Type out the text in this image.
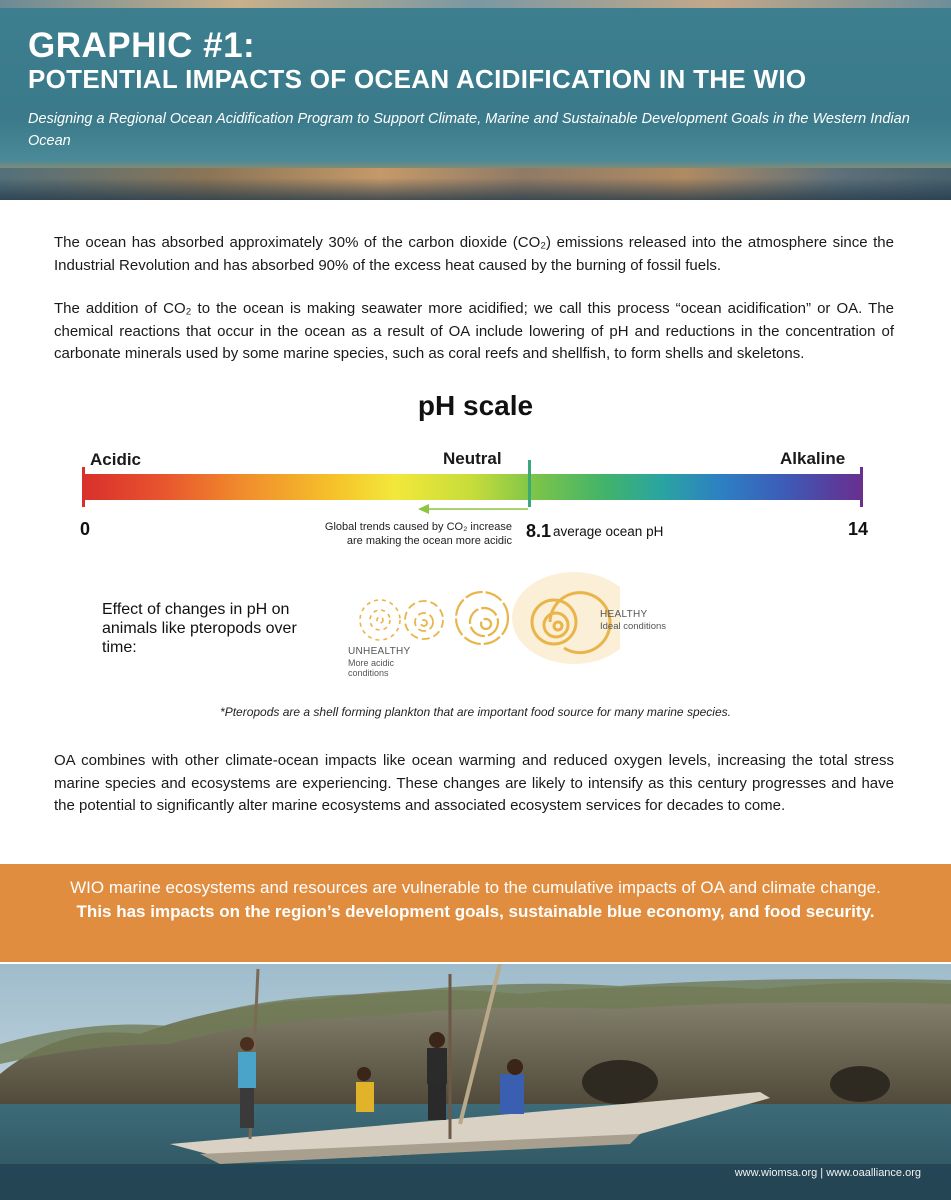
GRAPHIC #1:
POTENTIAL IMPACTS OF OCEAN ACIDIFICATION IN THE WIO

Designing a Regional Ocean Acidification Program to Support Climate, Marine and Sustainable Development Goals in the Western Indian Ocean

The ocean has absorbed approximately 30% of the carbon dioxide (CO₂) emissions released into the atmosphere since the Industrial Revolution and has absorbed 90% of the excess heat caused by the burning of fossil fuels.

The addition of CO₂ to the ocean is making seawater more acidified; we call this process “ocean acidification” or OA. The chemical reactions that occur in the ocean as a result of OA include lowering of pH and reductions in the concentration of carbonate minerals used by some marine species, such as coral reefs and shellfish, to form shells and skeletons.

pH scale
Acidic	Neutral	Alkaline
0	14
8.1 average ocean pH
Global trends caused by CO₂ increase
are making the ocean more acidic
Effect of changes in pH on animals like pteropods over time:	UNHEALTHY
More acidic conditions
HEALTHY
Ideal conditions
*Pteropods are a shell forming plankton that are important food source for many marine species.

OA combines with other climate-ocean impacts like ocean warming and reduced oxygen levels, increasing the total stress marine species and ecosystems are experiencing. These changes are likely to intensify as this century progresses and have the potential to significantly alter marine ecosystems and associated ecosystem services for decades to come.

WIO marine ecosystems and resources are vulnerable to the cumulative impacts of OA and climate change. This has impacts on the region’s development goals, sustainable blue economy, and food security.

www.wiomsa.org | www.oaalliance.org
